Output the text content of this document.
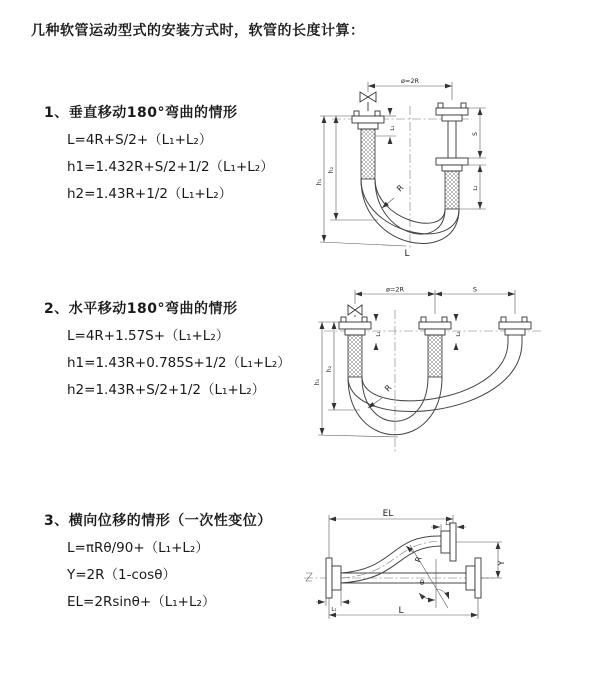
几种软管运动型式的安装方式时，软管的长度计算：
1、垂直移动180°弯曲的情形
L=4R+S/2+（L₁+L₂）
h1=1.432R+S/2+1/2（L₁+L₂）
h2=1.43R+1/2（L₁+L₂）
2、水平移动180°弯曲的情形
L=4R+1.57S+（L₁+L₂）
h1=1.43R+0.785S+1/2（L₁+L₂）
h2=1.43R+S/2+1/2（L₁+L₂）
3、横向位移的情形（一次性变位）
L=πRθ/90+（L₁+L₂）
Y=2R（1-cosθ）
EL=2Rsinθ+（L₁+L₂）
ø=2R
R
h₁
h₂
L₁
S
L₂
L
ø=2R	S
R
h₁
h₂
L₁	L₂
EL
L₂
Y
L
L₁
θ
R
